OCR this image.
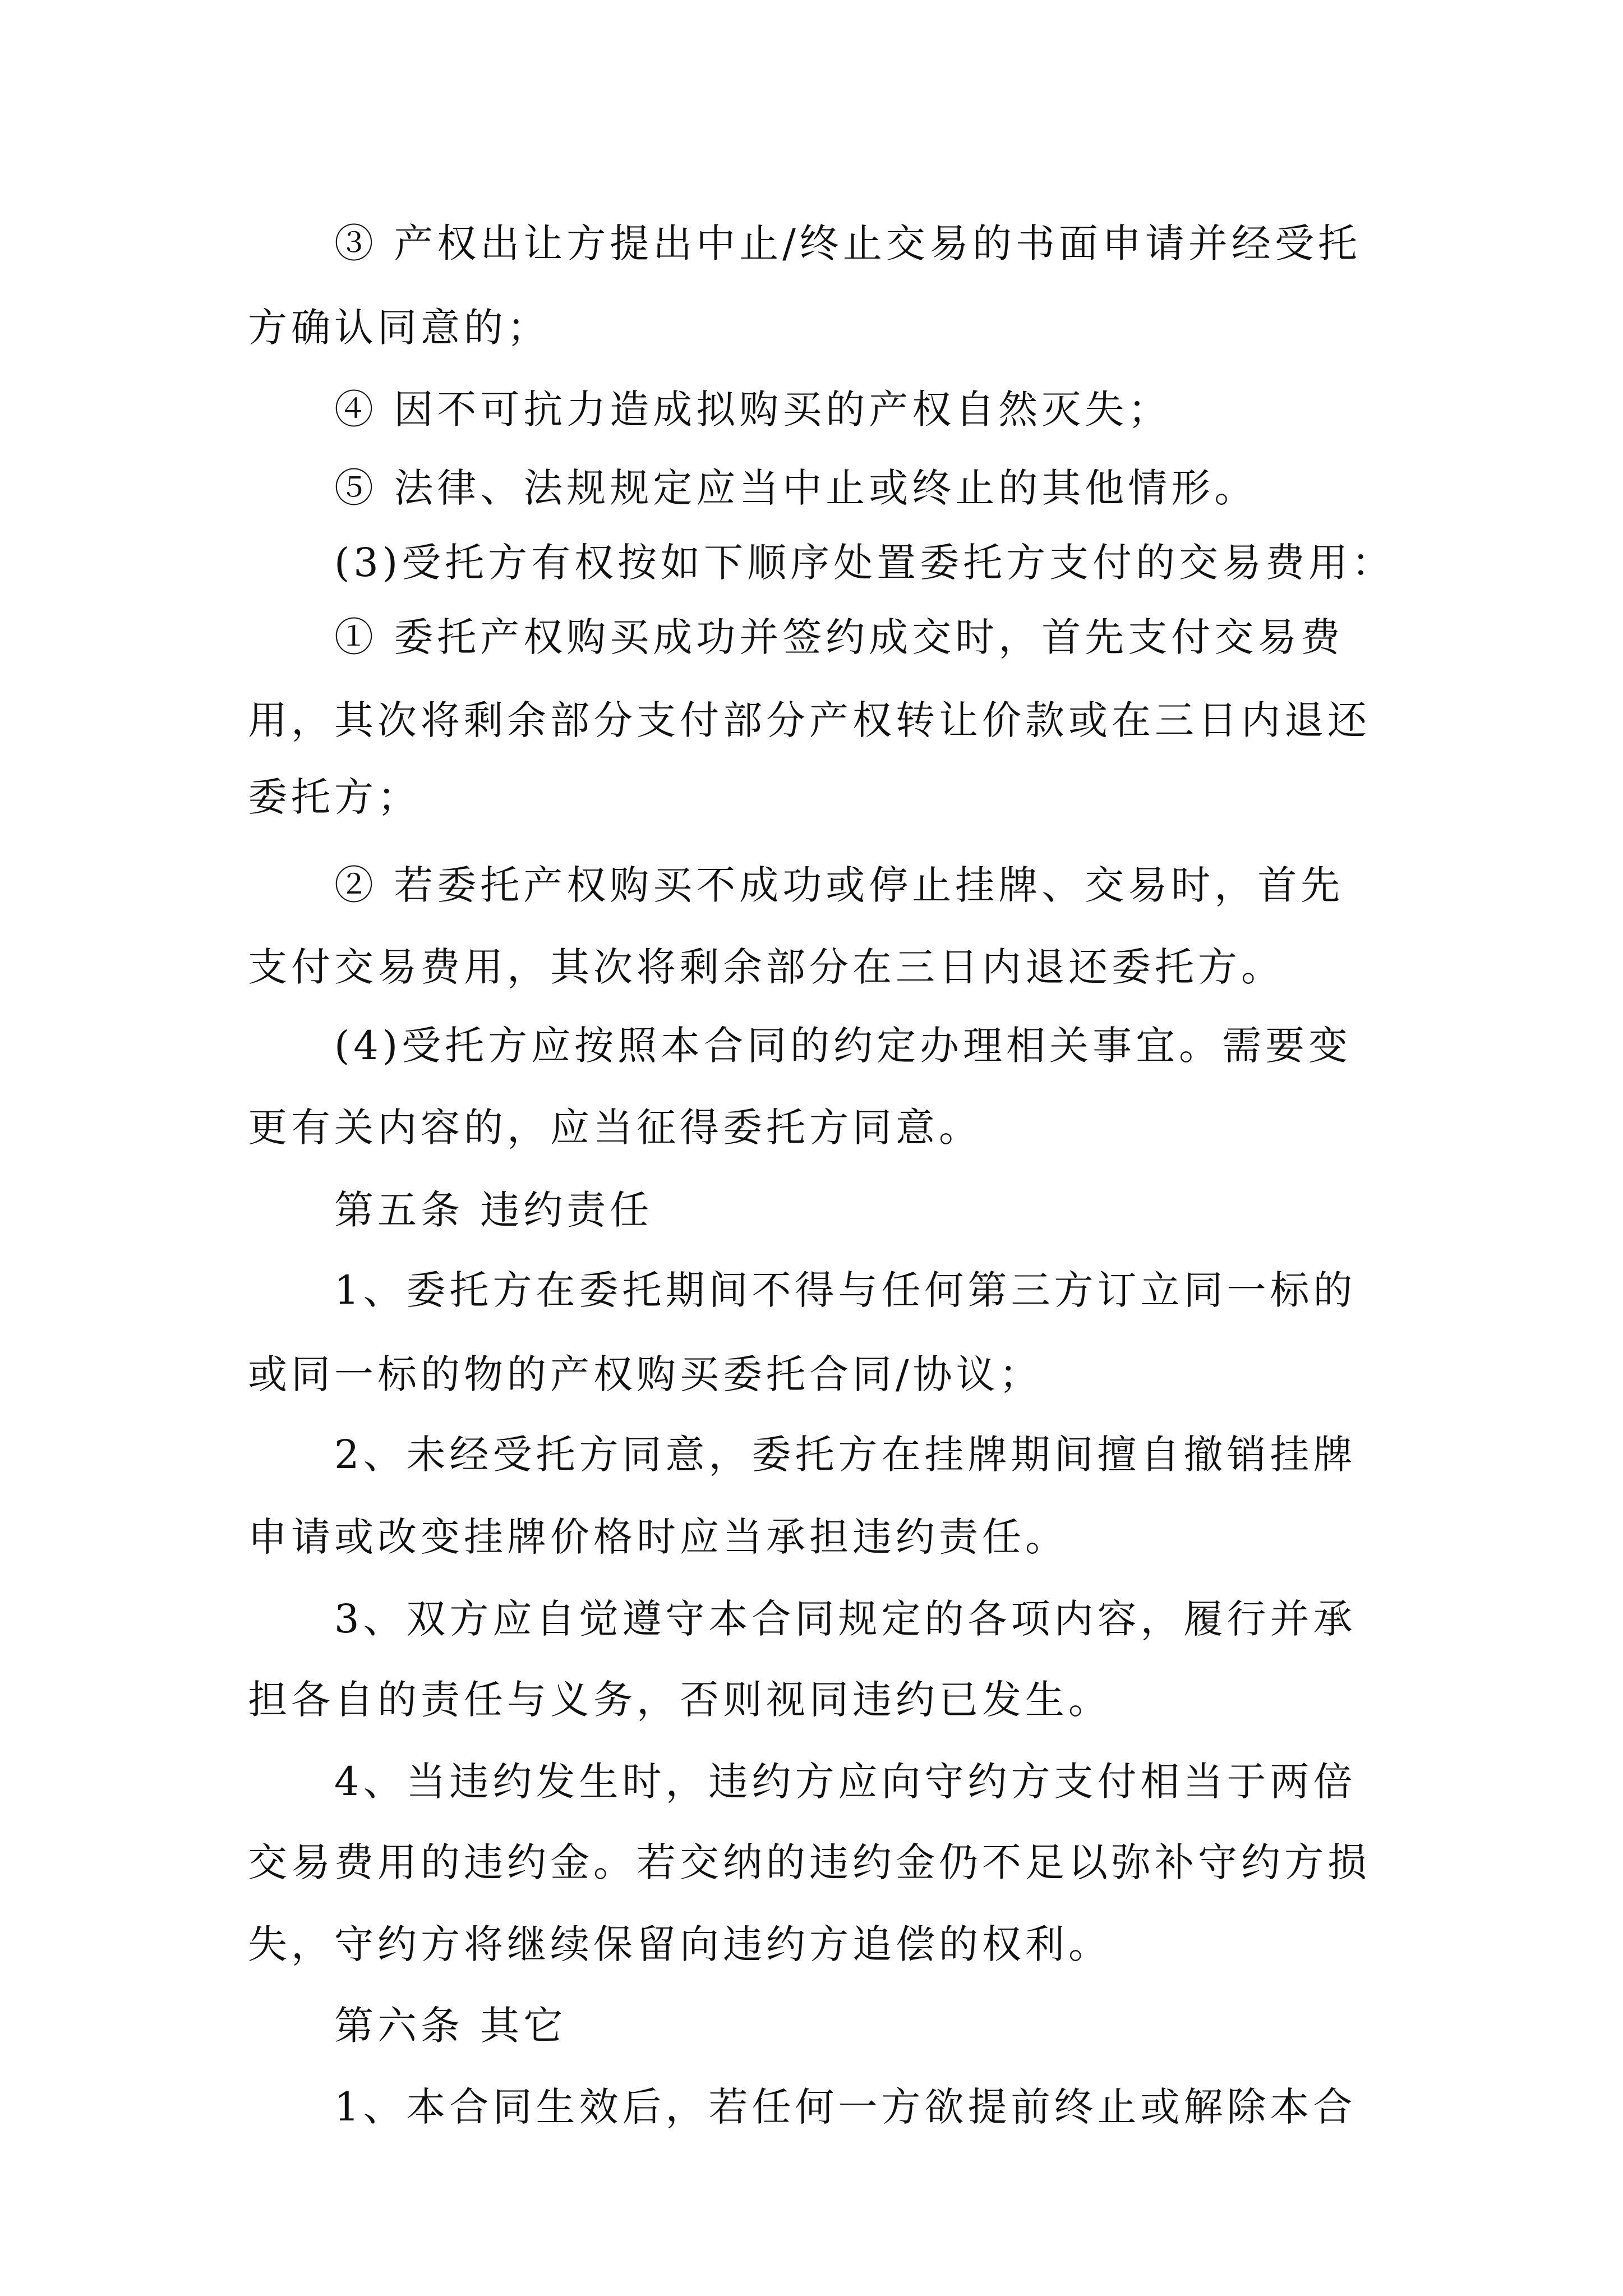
③ 产权出让方提出中止/终止交易的书面申请并经受托
方确认同意的；
④ 因不可抗力造成拟购买的产权自然灭失；
⑤ 法律、法规规定应当中止或终止的其他情形。
(3)受托方有权按如下顺序处置委托方支付的交易费用：
① 委托产权购买成功并签约成交时，首先支付交易费
用，其次将剩余部分支付部分产权转让价款或在三日内退还
委托方；
② 若委托产权购买不成功或停止挂牌、交易时，首先
支付交易费用，其次将剩余部分在三日内退还委托方。
(4)受托方应按照本合同的约定办理相关事宜。需要变
更有关内容的，应当征得委托方同意。
第五条 违约责任
1、委托方在委托期间不得与任何第三方订立同一标的
或同一标的物的产权购买委托合同/协议；
2、未经受托方同意，委托方在挂牌期间擅自撤销挂牌
申请或改变挂牌价格时应当承担违约责任。
3、双方应自觉遵守本合同规定的各项内容，履行并承
担各自的责任与义务，否则视同违约已发生。
4、当违约发生时，违约方应向守约方支付相当于两倍
交易费用的违约金。若交纳的违约金仍不足以弥补守约方损
失，守约方将继续保留向违约方追偿的权利。
第六条 其它
1、本合同生效后，若任何一方欲提前终止或解除本合
